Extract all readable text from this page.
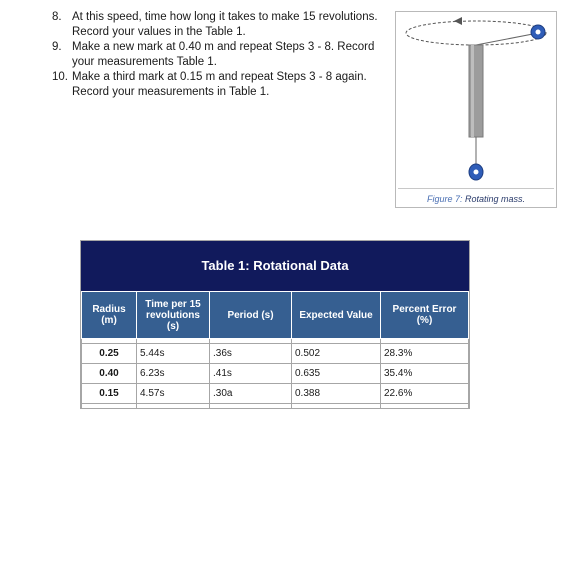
8. At this speed, time how long it takes to make 15 revolutions. Record your values in the Table 1.
9. Make a new mark at 0.40 m and repeat Steps 3 - 8. Record your measurements Table 1.
10. Make a third mark at 0.15 m and repeat Steps 3 - 8 again. Record your measurements in Table 1.
Figure 7: Rotating mass.
Table 1: Rotational Data
Radius (m)	Time per 15 revolutions (s)	Period (s)	Expected Value	Percent Error (%)

0.25	5.44s	.36s	0.502	28.3%
0.40	6.23s	.41s	0.635	35.4%
0.15	4.57s	.30a	0.388	22.6%
